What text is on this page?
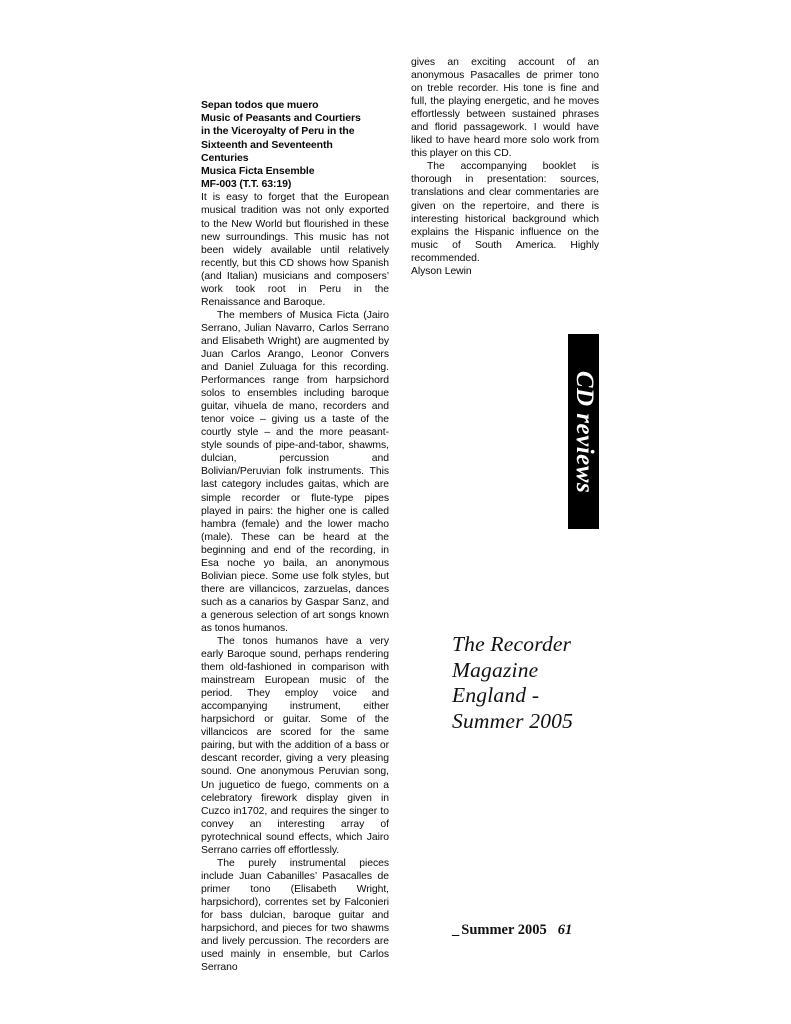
Sepan todos que muero
Music of Peasants and Courtiers
in the Viceroyalty of Peru in the
Sixteenth and Seventeenth
Centuries
Musica Ficta Ensemble
MF-003 (T.T. 63:19)

It is easy to forget that the European musical tradition was not only exported to the New World but flourished in these new surroundings. This music has not been widely available until relatively recently, but this CD shows how Spanish (and Italian) musicians and composers’ work took root in Peru in the Renaissance and Baroque.

The members of Musica Ficta (Jairo Serrano, Julian Navarro, Carlos Serrano and Elisabeth Wright) are augmented by Juan Carlos Arango, Leonor Convers and Daniel Zuluaga for this recording. Performances range from harpsichord solos to ensembles including baroque guitar, vihuela de mano, recorders and tenor voice – giving us a taste of the courtly style – and the more peasant-style sounds of pipe-and-tabor, shawms, dulcian, percussion and Bolivian/Peruvian folk instruments. This last category includes gaitas, which are simple recorder or flute-type pipes played in pairs: the higher one is called hambra (female) and the lower macho (male). These can be heard at the beginning and end of the recording, in Esa noche yo baila, an anonymous Bolivian piece. Some use folk styles, but there are villancicos, zarzuelas, dances such as a canarios by Gaspar Sanz, and a generous selection of art songs known as tonos humanos.

The tonos humanos have a very early Baroque sound, perhaps rendering them old-fashioned in comparison with mainstream European music of the period. They employ voice and accompanying instrument, either harpsichord or guitar. Some of the villancicos are scored for the same pairing, but with the addition of a bass or descant recorder, giving a very pleasing sound. One anonymous Peruvian song, Un juguetico de fuego, comments on a celebratory firework display given in Cuzco in1702, and requires the singer to convey an interesting array of pyrotechnical sound effects, which Jairo Serrano carries off effortlessly.

The purely instrumental pieces include Juan Cabanilles’ Pasacalles de primer tono (Elisabeth Wright, harpsichord), correntes set by Falconieri for bass dulcian, baroque guitar and harpsichord, and pieces for two shawms and lively percussion. The recorders are used mainly in ensemble, but Carlos Serrano

gives an exciting account of an anonymous Pasacalles de primer tono on treble recorder. His tone is fine and full, the playing energetic, and he moves effortlessly between sustained phrases and florid passagework. I would have liked to have heard more solo work from this player on this CD.

The accompanying booklet is thorough in presentation: sources, translations and clear commentaries are given on the repertoire, and there is interesting historical background which explains the Hispanic influence on the music of South America. Highly recommended.

Alyson Lewin

CD reviews
The Recorder
Magazine
England -
Summer 2005
_ Summer 2005 61
